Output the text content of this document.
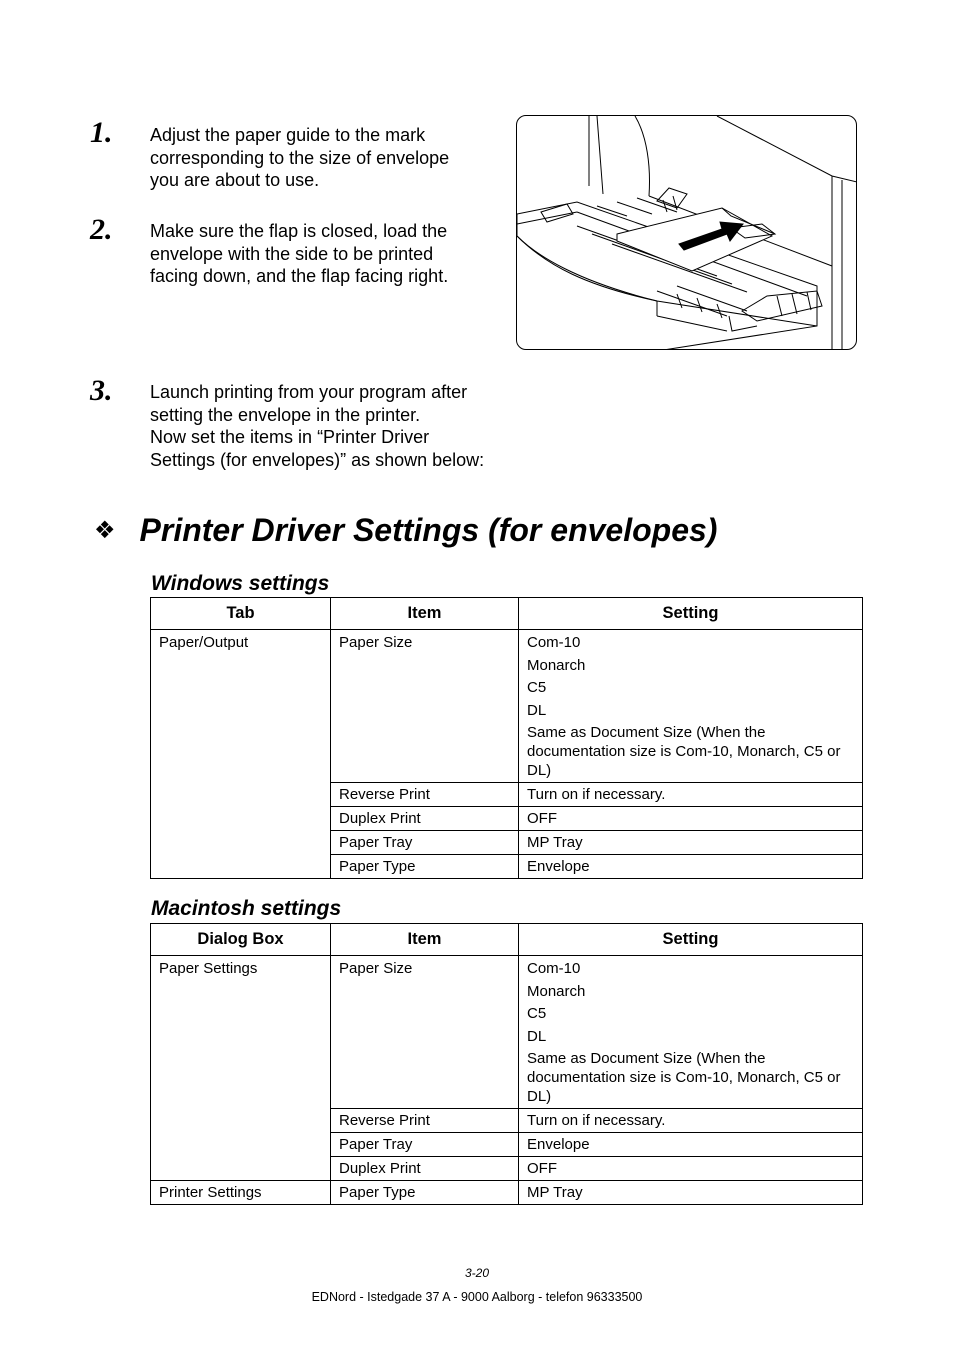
1. Adjust the paper guide to the mark
corresponding to the size of envelope
you are about to use.
2. Make sure the flap is closed, load the
envelope with the side to be printed
facing down, and the flap facing right.
3. Launch printing from your program after
setting the envelope in the printer.
Now set the items in “Printer Driver
Settings (for envelopes)” as shown below:
❖ Printer Driver Settings (for envelopes)
Windows settings
Tab	Item	Setting
Paper/Output	Paper Size	Com-10
Monarch
C5
DL
Same as Document Size (When the documentation size is Com-10, Monarch, C5 or DL)

	Reverse Print	Turn on if necessary.
	Duplex Print	OFF
	Paper Tray	MP Tray
	Paper Type	Envelope
Macintosh settings
Dialog Box	Item	Setting
Paper Settings	Paper Size	Com-10
Monarch
C5
DL
Same as Document Size (When the documentation size is Com-10, Monarch, C5 or DL)

	Reverse Print	Turn on if necessary.
	Paper Tray	Envelope
	Duplex Print	OFF
Printer Settings	Paper Type	MP Tray
3-20
EDNord - Istedgade 37 A - 9000 Aalborg - telefon 96333500
